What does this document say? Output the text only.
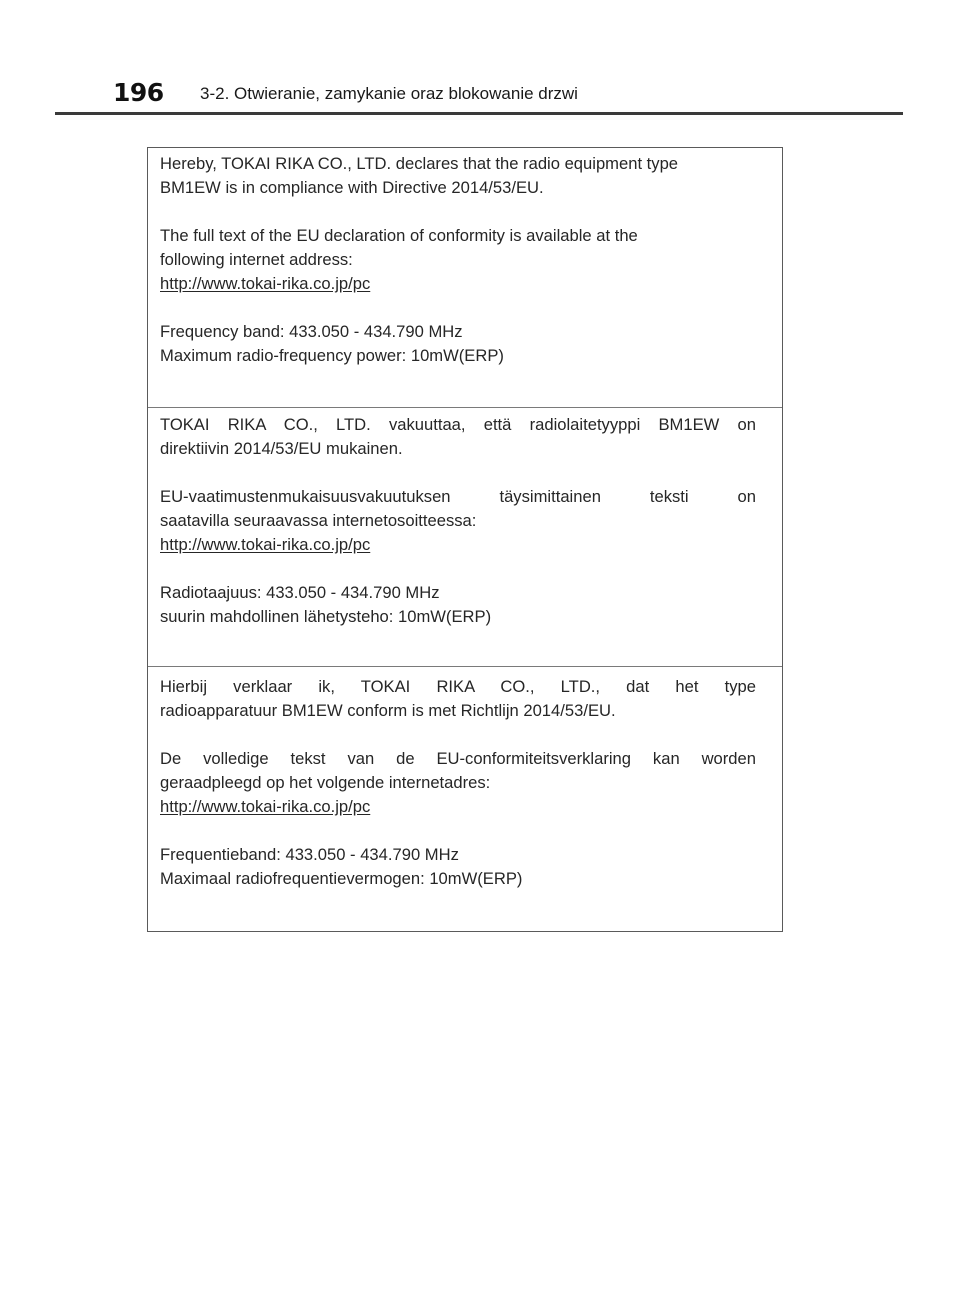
196 3-2. Otwieranie, zamykanie oraz blokowanie drzwi

Hereby, TOKAI RIKA CO., LTD. declares that the radio equipment type
BM1EW is in compliance with Directive 2014/53/EU.

The full text of the EU declaration of conformity is available at the
following internet address:
http://www.tokai-rika.co.jp/pc

Frequency band: 433.050 - 434.790 MHz
Maximum radio-frequency power: 10mW(ERP)

TOKAI RIKA CO., LTD. vakuuttaa, että radiolaitetyyppi BM1EW on
direktiivin 2014/53/EU mukainen.

EU-vaatimustenmukaisuusvakuutuksen täysimittainen teksti on
saatavilla seuraavassa internetosoitteessa:
http://www.tokai-rika.co.jp/pc

Radiotaajuus: 433.050 - 434.790 MHz
suurin mahdollinen lähetysteho: 10mW(ERP)

Hierbij verklaar ik, TOKAI RIKA CO., LTD., dat het type
radioapparatuur BM1EW conform is met Richtlijn 2014/53/EU.

De volledige tekst van de EU-conformiteitsverklaring kan worden
geraadpleegd op het volgende internetadres:
http://www.tokai-rika.co.jp/pc

Frequentieband: 433.050 - 434.790 MHz
Maximaal radiofrequentievermogen: 10mW(ERP)
